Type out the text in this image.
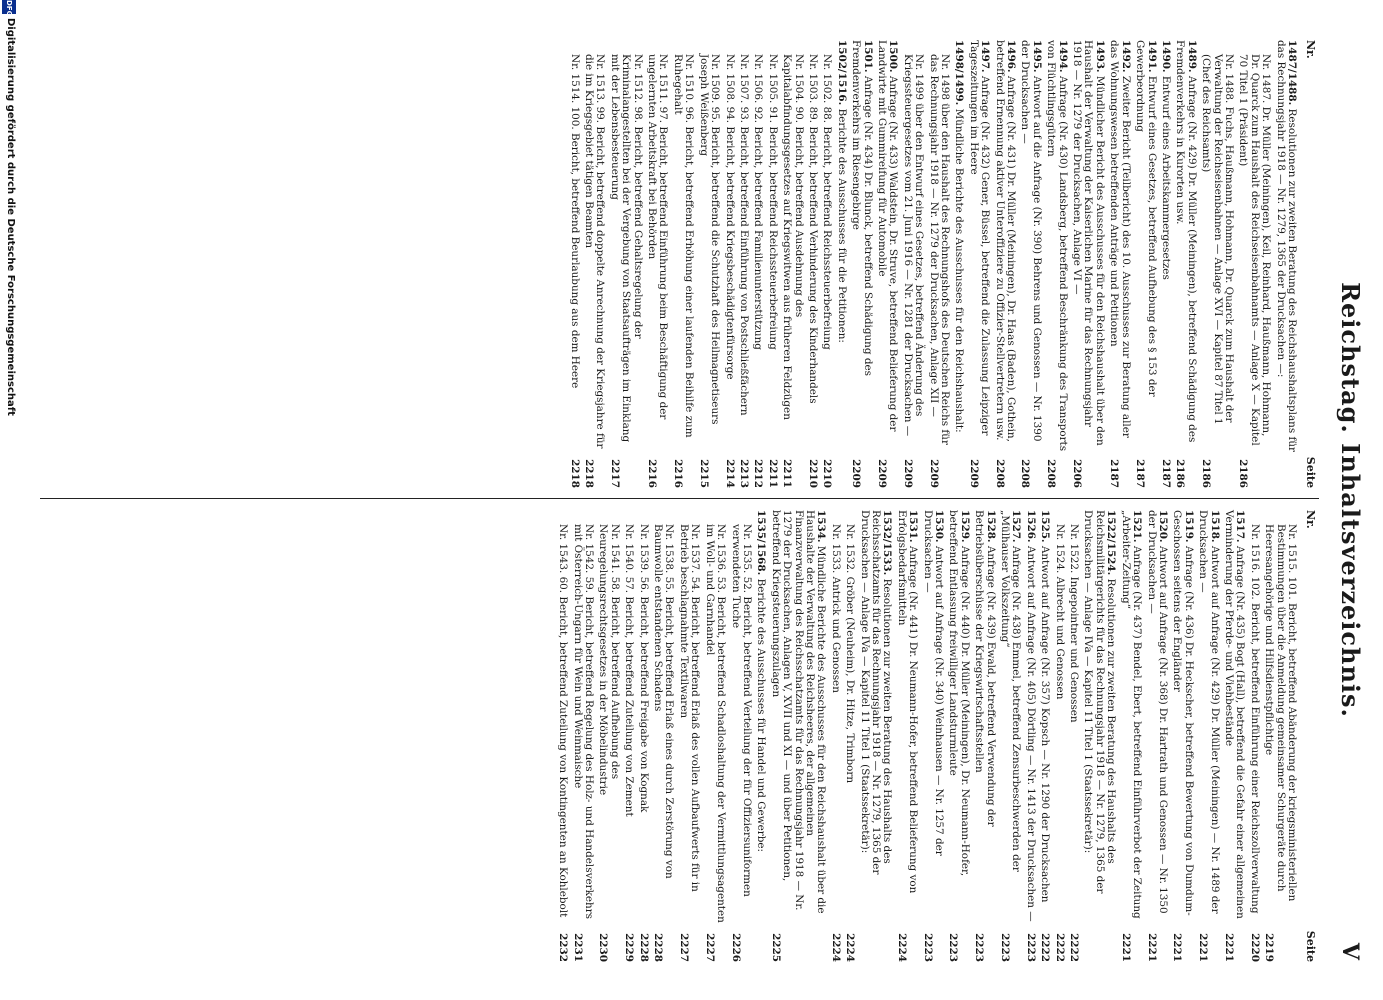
Reichstag. Inhaltsverzeichnis.
V
Nr.
Seite
Nr.
Seite
1487/1488. Resolutionen zur zweiten Beratung des Reichshaushaltsplans für das Rechnungsjahr 1918 — Nr. 1279, 1365 der Drucksachen —:
Nr. 1487. Dr. Müller (Meiningen), Keil, Reinhard, Haußmann, Hohmann, Dr. Quarck zum Haushalt des Reichseisenbahnamts — Anlage X — Kapitel 70 Titel 1 (Präsident)
2186
Nr. 1488. Fuchs, Haußmann, Hohmann, Dr. Quarck zum Haushalt der Verwaltung der Reichseisenbahnen — Anlage XVI — Kapitel 87 Titel 1 (Chef des Reichsamts)
2186
1489. Anfrage (Nr. 429) Dr. Müller (Meiningen), betreffend Schädigung des Fremdenverkehrs in Kurorten usw.
2186
1490. Entwurf eines Arbeitskammergesetzes
2187
1491. Entwurf eines Gesetzes, betreffend Aufhebung des § 153 der Gewerbeordnung
2187
1492. Zweiter Bericht (Teilbericht) des 10. Ausschusses zur Beratung aller das Wohnungswesen betreffenden Anträge und Petitionen
2187
1493. Mündlicher Bericht des Ausschusses für den Reichshaushalt über den Haushalt der Verwaltung der Kaiserlichen Marine für das Rechnungsjahr 1918 — Nr. 1279 der Drucksachen, Anlage VI —
2206
1494. Anfrage (Nr. 430) Landsberg, betreffend Beschränkung des Transports von Flüchtlingsgütern
2208
1495. Antwort auf die Anfrage (Nr. 390) Behrens und Genossen — Nr. 1390 der Drucksachen —
2208
1496. Anfrage (Nr. 431) Dr. Müller (Meiningen), Dr. Haas (Baden), Gothein, betreffend Ernennung aktiver Unteroffiziere zu Offizier-Stellvertretern usw.
2208
1497. Anfrage (Nr. 432) Gener, Büssel, betreffend die Zulassung Leipziger Tageszeitungen im Heere
2209
1498/1499. Mündliche Berichte des Ausschusses für den Reichshaushalt:
Nr. 1498 über den Haushalt des Rechnungshofs des Deutschen Reichs für das Rechnungsjahr 1918 — Nr. 1279 der Drucksachen, Anlage XII —
2209
Nr. 1499 über den Entwurf eines Gesetzes, betreffend Änderung des Kriegssteuergesetzes vom 21. Juni 1916 — Nr. 1281 der Drucksachen —
2209
1500. Anfrage (Nr. 433) Waldstein, Dr. Struve, betreffend Belieferung der Landwirte mit Gummireifung für Automobile
2209
1501. Anfrage (Nr. 434) Dr. Blunck, betreffend Schädigung des Fremdenverkehrs im Riesengebirge
2209
1502/1516. Berichte des Ausschusses für die Petitionen:
Nr. 1502. 88. Bericht, betreffend Reichssteuerbefreiung
2210
Nr. 1503. 89. Bericht, betreffend Verhinderung des Kinderhandels
2210
Nr. 1504. 90. Bericht, betreffend Ausdehnung des Kapitalabfindungsgesetzes auf Kriegswitwen aus früheren Feldzügen
2211
Nr. 1505. 91. Bericht, betreffend Reichssteuerbefreiung
2211
Nr. 1506. 92. Bericht, betreffend Familienunterstützung
2212
Nr. 1507. 93. Bericht, betreffend Einführung von Postschließfächern
2213
Nr. 1508. 94. Bericht, betreffend Kriegsbeschädigtenfürsorge
2214
Nr. 1509. 95. Bericht, betreffend die Schutzhaft des Heilmagnetiseurs Joseph Weißenberg
2215
Nr. 1510. 96. Bericht, betreffend Erhöhung einer laufenden Beihilfe zum Ruhegehalt
2216
Nr. 1511. 97. Bericht, betreffend Einführung beim Beschäftigung der ungelernten Arbeitskraft bei Behörden
2216
Nr. 1512. 98. Bericht, betreffend Gehaltsregelung der Kriminalangestellten bei der Vergebung von Staatsaufträgen im Einklang mit der Lebensbesteuerung
2217
Nr. 1513. 99. Bericht, betreffend doppelte Anrechnung der Kriegsjahre für die im Kriegsgebiet tätigen Beamten
2218
Nr. 1514. 100. Bericht, betreffend Beurlaubung aus dem Heere
2218
Nr. 1515. 101. Bericht, betreffend Abänderung der kriegsministeriellen Bestimmungen über die Anmeldung gemeinsamer Schurgeräte durch Heeresangehörige und Hilfsdienstpflichtige
2219
Nr. 1516. 102. Bericht, betreffend Einführung einer Reichszollverwaltung
2220
1517. Anfrage (Nr. 435) Bogt (Hall), betreffend die Gefahr einer allgemeinen Verminderung der Pferde- und Viehbestände
2221
1518. Antwort auf Anfrage (Nr. 429) Dr. Müller (Meiningen) — Nr. 1489 der Drucksachen —
2221
1519. Anfrage (Nr. 436) Dr. Heckscher, betreffend Bewertung von Dumdum-Geschossen seitens der Engländer
2221
1520. Antwort auf Anfrage (Nr. 368) Dr. Hartrath und Genossen — Nr. 1350 der Drucksachen —
2221
1521. Anfrage (Nr. 437) Bendel, Ebert, betreffend Einführverbot der Zeitung „Arbeiter-Zeitung“
2221
1522/1524. Resolutionen zur zweiten Beratung des Haushalts des Reichsmilitärgerichts für das Rechnungsjahr 1918 — Nr. 1279, 1365 der Drucksachen — Anlage IVa — Kapitel 11 Titel 1 (Staatssekretär):
Nr. 1522. Ingepointner und Genossen
2222
Nr. 1524. Albrecht und Genossen
2222
1525. Antwort auf Anfrage (Nr. 357) Kopsch — Nr. 1290 der Drucksachen
2222
1526. Antwort auf Anfrage (Nr. 405) Dörtling — Nr. 1413 der Drucksachen —
2223
1527. Anfrage (Nr. 438) Emmel, betreffend Zensurbeschwerden der „Mülhauser Volkszeitung“
2223
1528. Anfrage (Nr. 439) Ewald, betreffend Verwendung der Betriebsüberschüsse der Kriegswirtschaftsstellen
2223
1529. Anfrage (Nr. 440) Dr. Müller (Meiningen), Dr. Neumann-Hofer, betreffend Entlassung freiwilliger Landsturmleute
2223
1530. Antwort auf Anfrage (Nr. 340) Weinhausen — Nr. 1257 der Drucksachen —
2223
1531. Anfrage (Nr. 441) Dr. Neumann-Hofer, betreffend Belieferung von Erfolgsbedarfsmitteln
2224
1532/1533. Resolutionen zur zweiten Beratung des Haushalts des Reichsschatzamts für das Rechnungsjahr 1918 — Nr. 1279, 1365 der Drucksachen — Anlage IVa — Kapitel 11 Titel 1 (Staatssekretär):
Nr. 1532. Gröber (Neuheim), Dr. Hitze, Trimborn
2224
Nr. 1533. Antrick und Genossen
2224
1534. Mündliche Berichte des Ausschusses für den Reichshaushalt über die Haushalte der Verwaltung des Reichsheeres, der allgemeinen Finanzverwaltung des Reichsschatzamts für das Rechnungsjahr 1918 — Nr. 1279 der Drucksachen, Anlagen V, XVII und XI — und über Petitionen, betreffend Kriegsteuerungszulagen
2225
1535/1568. Berichte des Ausschusses für Handel und Gewerbe:
Nr. 1535. 52. Bericht, betreffend Verteilung der für Offiziersuniformen verwendeten Tuche
2226
Nr. 1536. 53. Bericht, betreffend Schadloshaltung der Vermittlungsagenten im Woll- und Garnhandel
2227
Nr. 1537. 54. Bericht, betreffend Erlaß des vollen Aufbaufwerts für in Betrieb beschlagnahmte Textilwaren
2227
Nr. 1538. 55. Bericht, betreffend Erlaß eines durch Zerstörung von Baumwolle entstandenen Schadens
2228
Nr. 1539. 56. Bericht, betreffend Freigabe von Kognak
2228
Nr. 1540. 57. Bericht, betreffend Zuteilung von Zement
2229
Nr. 1541. 58. Bericht, betreffend Aufhebung des Neuregelungsrechtsgesetzes in der Möbelindustrie
2230
Nr. 1542. 59. Bericht, betreffend Regelung des Holz- und Handelsverkehrs mit Österreich-Ungarn für Wein und Weinmaische
2231
Nr. 1543. 60. Bericht, betreffend Zuteilung von Kontingenten an Kohlebolt
2232
DFG
Digitalisierung gefördert durch die Deutsche Forschungsgemeinschaft
